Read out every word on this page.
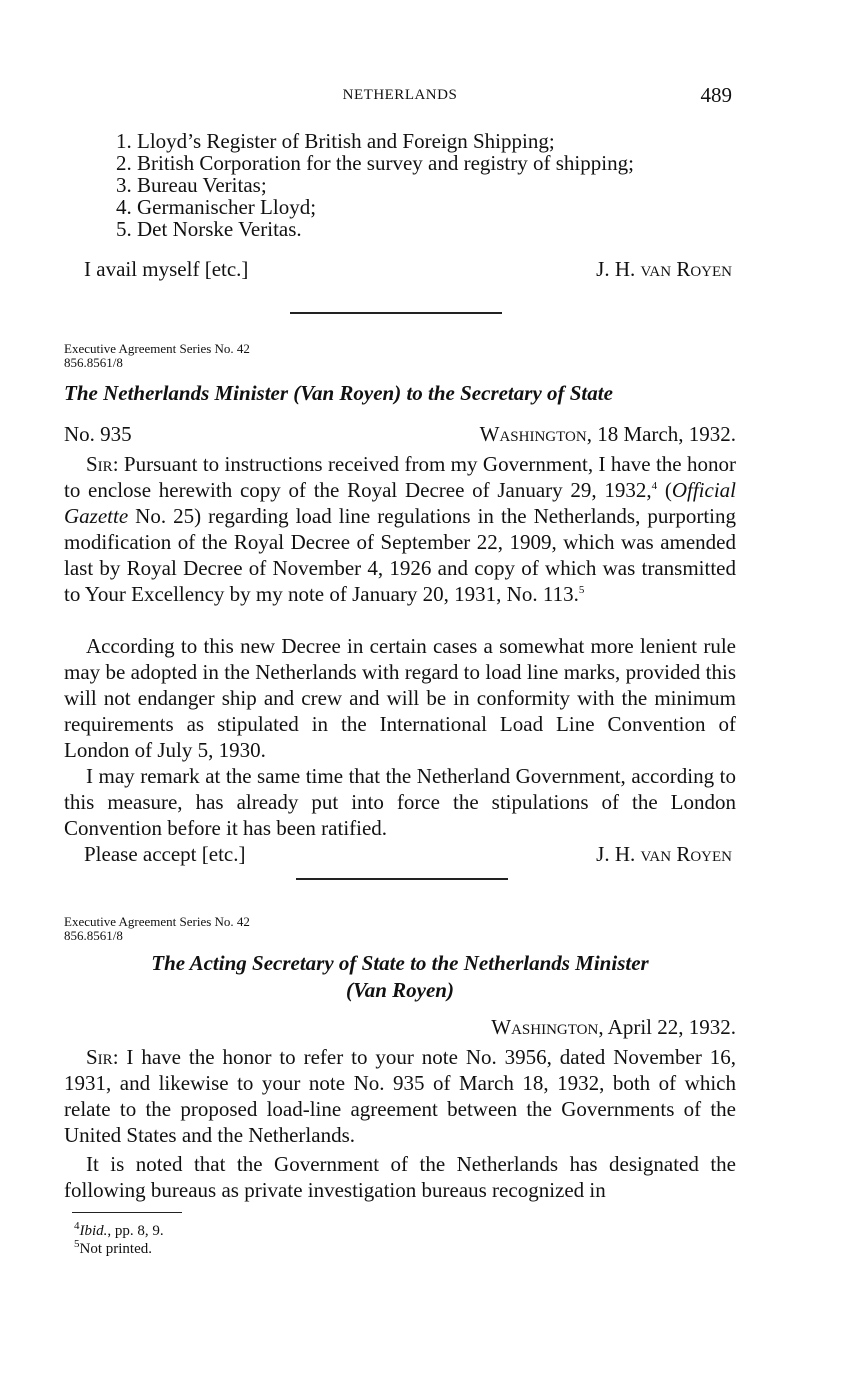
NETHERLANDS	489
1. Lloyd’s Register of British and Foreign Shipping;
2. British Corporation for the survey and registry of shipping;
3. Bureau Veritas;
4. Germanischer Lloyd;
5. Det Norske Veritas.
I avail myself [etc.]	J. H. van Royen
Executive Agreement Series No. 42
856.8561/8
The Netherlands Minister (Van Royen) to the Secretary of State
No. 935	Washington, 18 March, 1932.

Sir: Pursuant to instructions received from my Government, I have the honor to enclose herewith copy of the Royal Decree of January 29, 1932,$^4$ (Official Gazette No. 25) regarding load line regulations in the Netherlands, purporting modification of the Royal Decree of September 22, 1909, which was amended last by Royal Decree of November 4, 1926 and copy of which was transmitted to Your Excellency by my note of January 20, 1931, No. 113.$^5$

According to this new Decree in certain cases a somewhat more lenient rule may be adopted in the Netherlands with regard to load line marks, provided this will not endanger ship and crew and will be in conformity with the minimum requirements as stipulated in the International Load Line Convention of London of July 5, 1930.

I may remark at the same time that the Netherland Government, according to this measure, has already put into force the stipulations of the London Convention before it has been ratified.

Please accept [etc.]	J. H. van Royen
Executive Agreement Series No. 42
856.8561/8
The Acting Secretary of State to the Netherlands Minister
(Van Royen)
Washington, April 22, 1932.

Sir: I have the honor to refer to your note No. 3956, dated November 16, 1931, and likewise to your note No. 935 of March 18, 1932, both of which relate to the proposed load-line agreement between the Governments of the United States and the Netherlands.

It is noted that the Government of the Netherlands has designated the following bureaus as private investigation bureaus recognized in

$^4$Ibid., pp. 8, 9.
$^5$Not printed.
